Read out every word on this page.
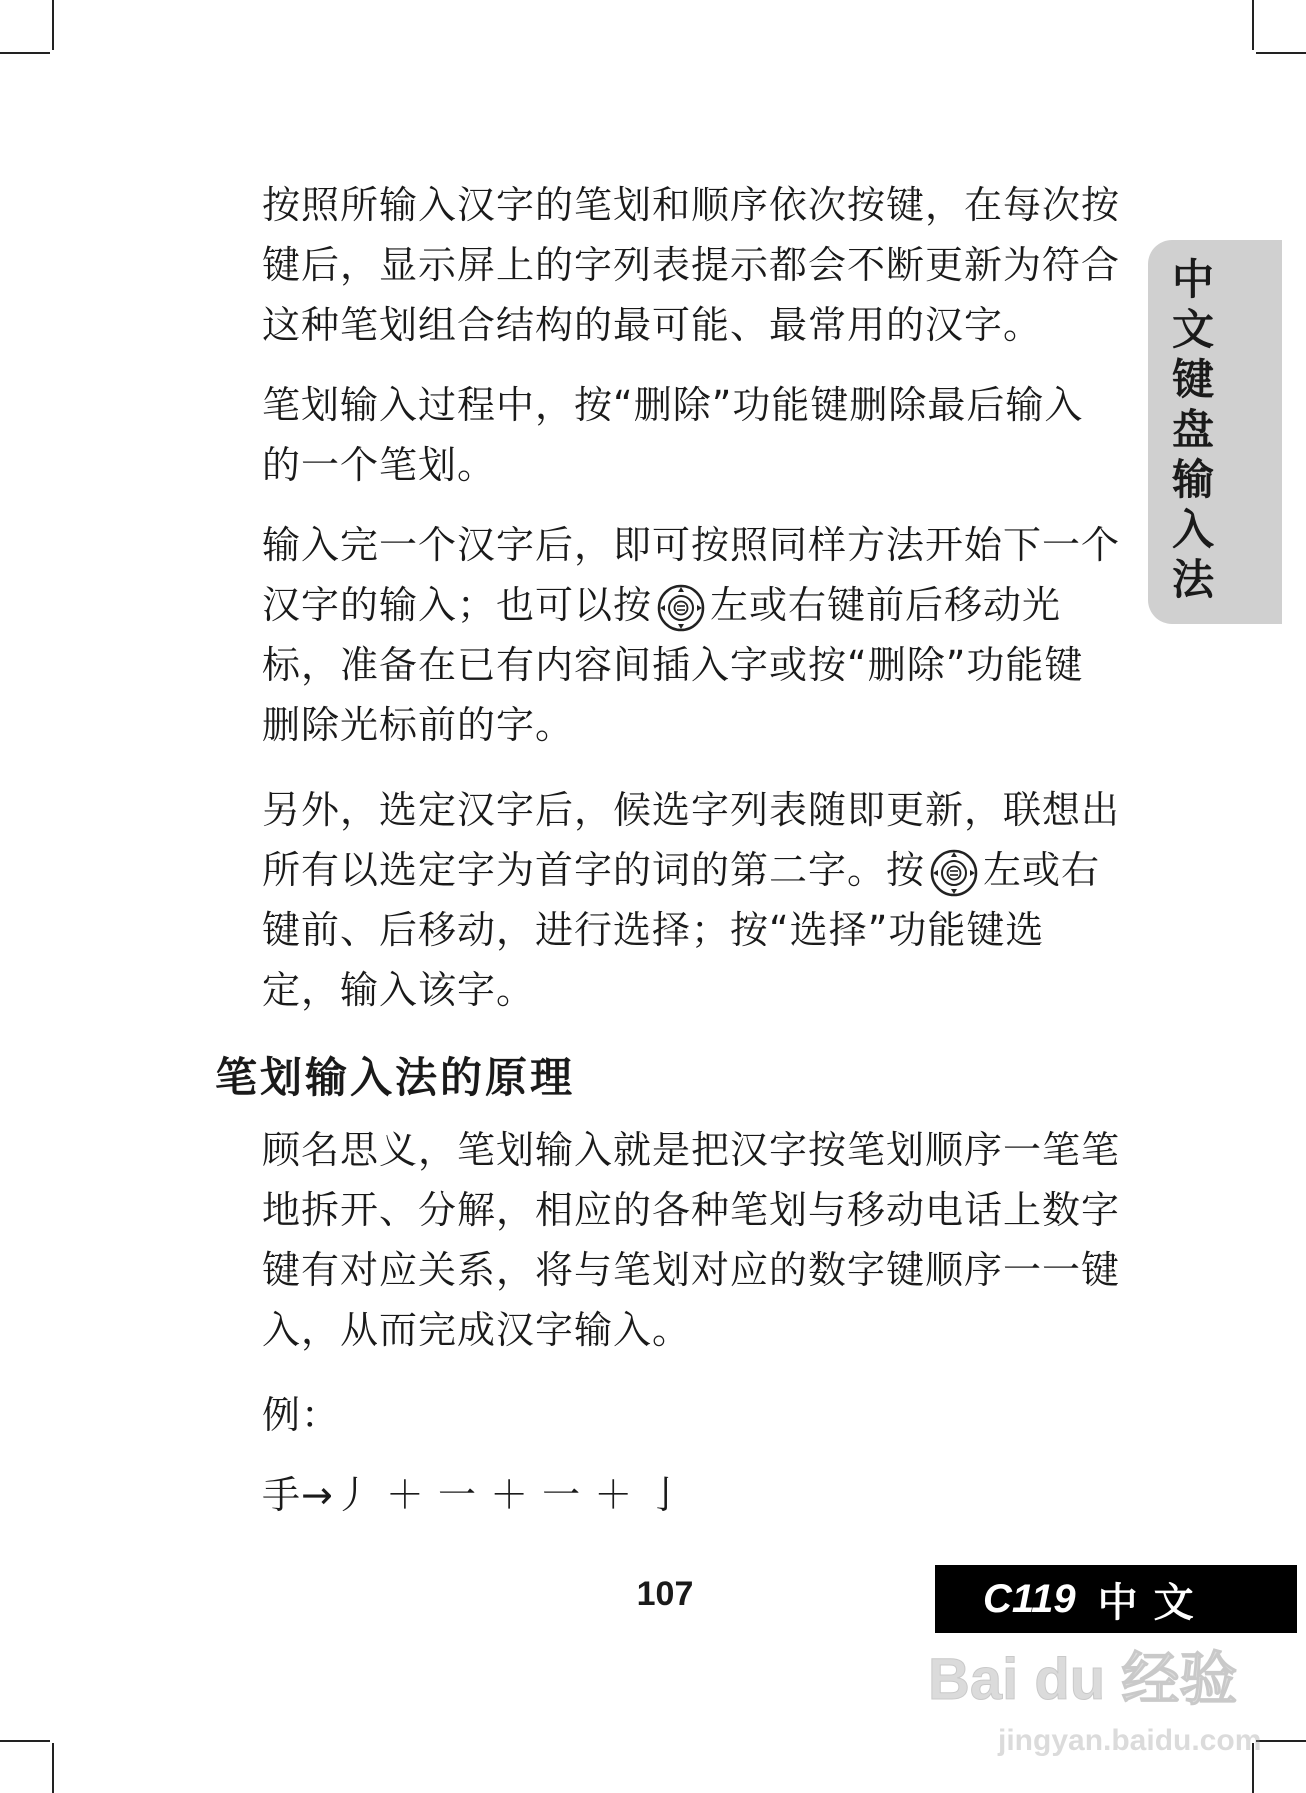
中文键盘输入法

按照所输入汉字的笔划和顺序依次按键，在每次按键后，显示屏上的字列表提示都会不断更新为符合这种笔划组合结构的最可能、最常用的汉字。

笔划输入过程中，按“删除”功能键删除最后输入的一个笔划。

输入完一个汉字后，即可按照同样方法开始下一个汉字的输入；也可以按 左或右键前后移动光标，准备在已有内容间插入字或按“删除”功能键删除光标前的字。

另外，选定汉字后，候选字列表随即更新，联想出所有以选定字为首字的词的第二字。按 左或右键前、后移动，进行选择；按“选择”功能键选定，输入该字。

笔划输入法的原理

顾名思义，笔划输入就是把汉字按笔划顺序一笔笔地拆开、分解，相应的各种笔划与移动电话上数字键有对应关系，将与笔划对应的数字键顺序一一键入，从而完成汉字输入。

例：

手→丿 ＋ 一 ＋ 一 ＋ 亅

107	C119 中文
Bai du 经验
jingyan.baidu.com
